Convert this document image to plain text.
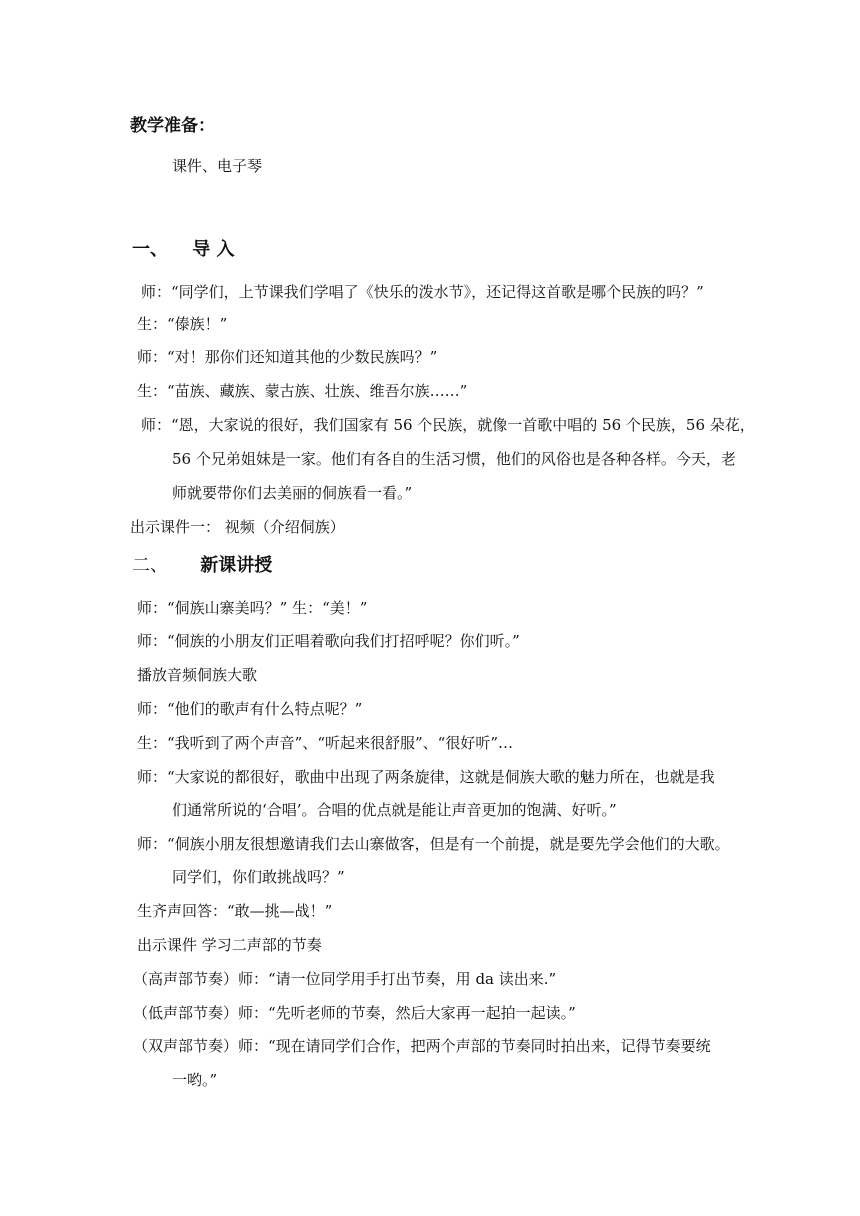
教学准备：
课件、电子琴
一、 导 入
师：“同学们，上节课我们学唱了《快乐的泼水节》，还记得这首歌是哪个民族的吗？”
生：“傣族！”
师：“对！那你们还知道其他的少数民族吗？”
生：“苗族、藏族、蒙古族、壮族、维吾尔族……”
师：“恩，大家说的很好，我们国家有 56 个民族，就像一首歌中唱的 56 个民族，56 朵花，
56 个兄弟姐妹是一家。他们有各自的生活习惯，他们的风俗也是各种各样。今天，老
师就要带你们去美丽的侗族看一看。”
出示课件一： 视频（介绍侗族）
二、 新课讲授
师：“侗族山寨美吗？” 生：“美！”
师：“侗族的小朋友们正唱着歌向我们打招呼呢？你们听。”
播放音频侗族大歌
师：“他们的歌声有什么特点呢？”
生：“我听到了两个声音”、“听起来很舒服”、“很好听”…
师：“大家说的都很好，歌曲中出现了两条旋律，这就是侗族大歌的魅力所在，也就是我
们通常所说的‘合唱’。合唱的优点就是能让声音更加的饱满、好听。”
师：“侗族小朋友很想邀请我们去山寨做客，但是有一个前提，就是要先学会他们的大歌。
同学们，你们敢挑战吗？”
生齐声回答：“敢—挑—战！”
出示课件 学习二声部的节奏
（高声部节奏）师：“请一位同学用手打出节奏，用 da 读出来.”
（低声部节奏）师：“先听老师的节奏，然后大家再一起拍一起读。”
（双声部节奏）师：“现在请同学们合作，把两个声部的节奏同时拍出来，记得节奏要统
一哟。”
